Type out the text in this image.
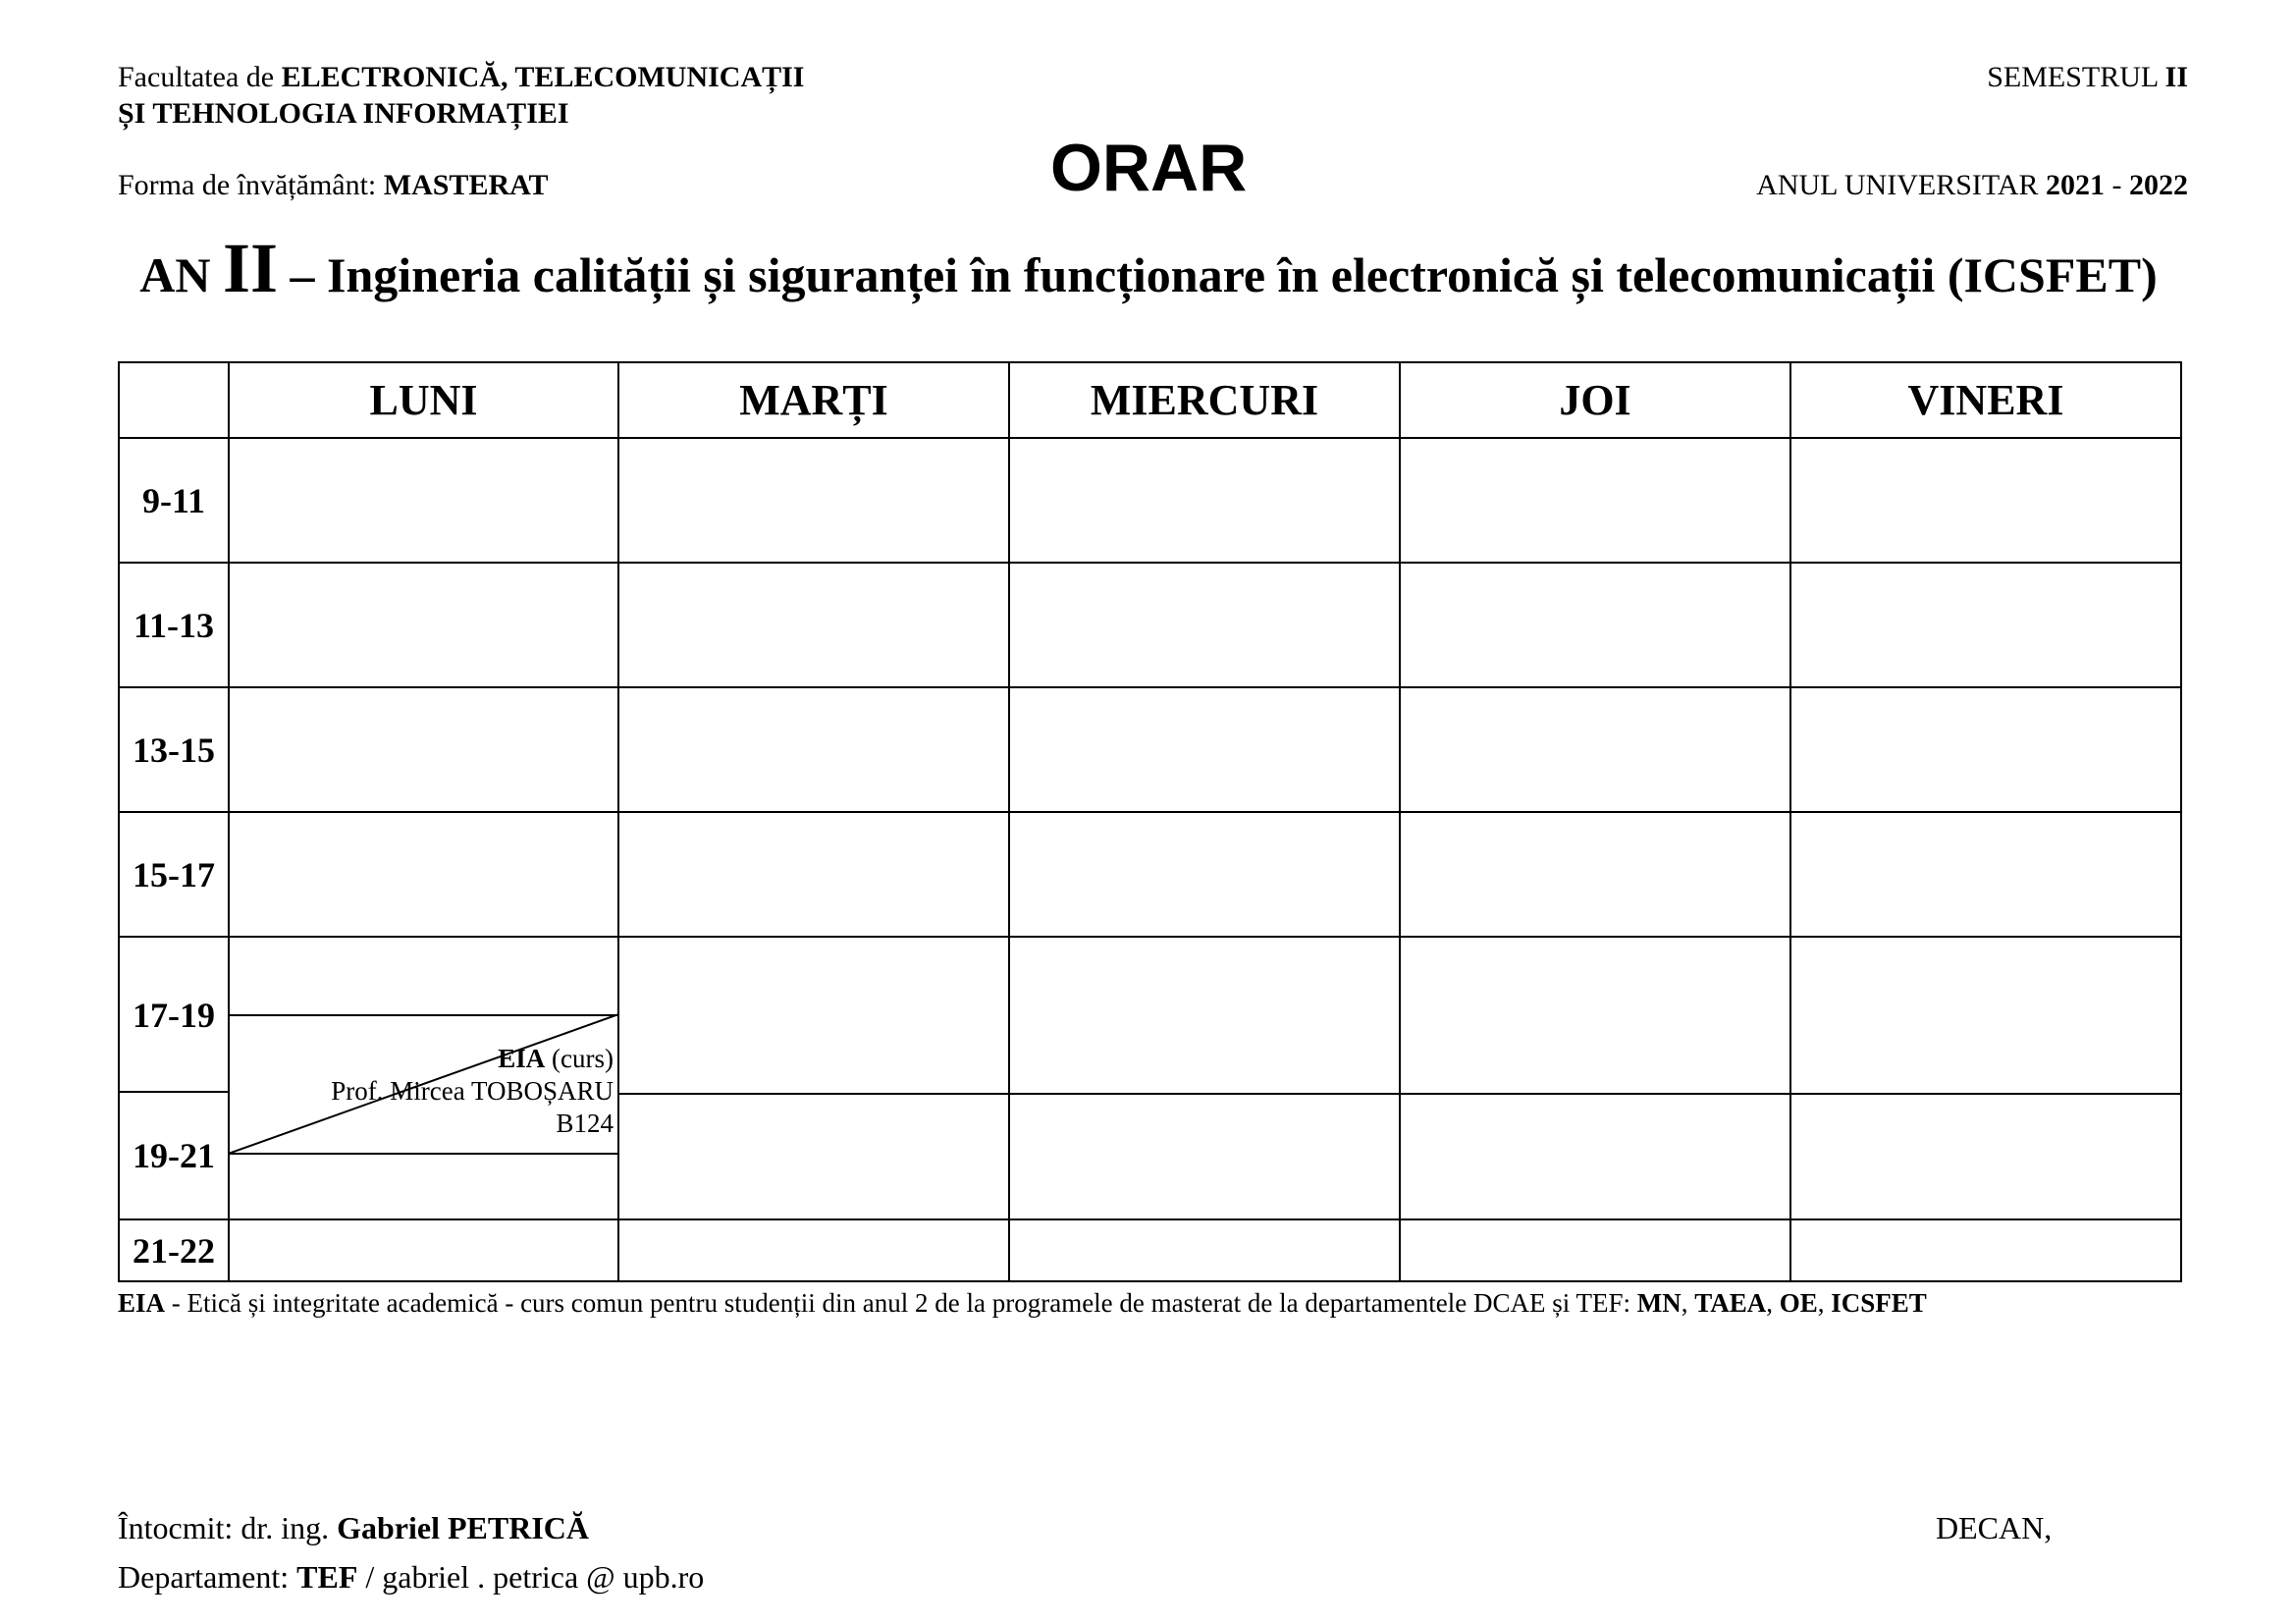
Facultatea de ELECTRONICĂ, TELECOMUNICAȚII
ȘI TEHNOLOGIA INFORMAȚIEI
SEMESTRUL II
Forma de învățământ: MASTERAT	ORAR	ANUL UNIVERSITAR 2021 - 2022
AN II – Ingineria calității și siguranței în funcționare în electronică și telecomunicații (ICSFET)
	LUNI	MARȚI	MIERCURI	JOI	VINERI
9-11					
11-13					
13-15					
15-17					

17-19	EIA (curs)
Prof. Mircea TOBOȘARU
B124				

19-21					
21-22					
EIA - Etică și integritate academică - curs comun pentru studenții din anul 2 de la programele de masterat de la departamentele DCAE și TEF: MN, TAEA, OE, ICSFET
Întocmit: dr. ing. Gabriel PETRICĂ
Departament: TEF / gabriel . petrica @ upb.ro
DECAN,
